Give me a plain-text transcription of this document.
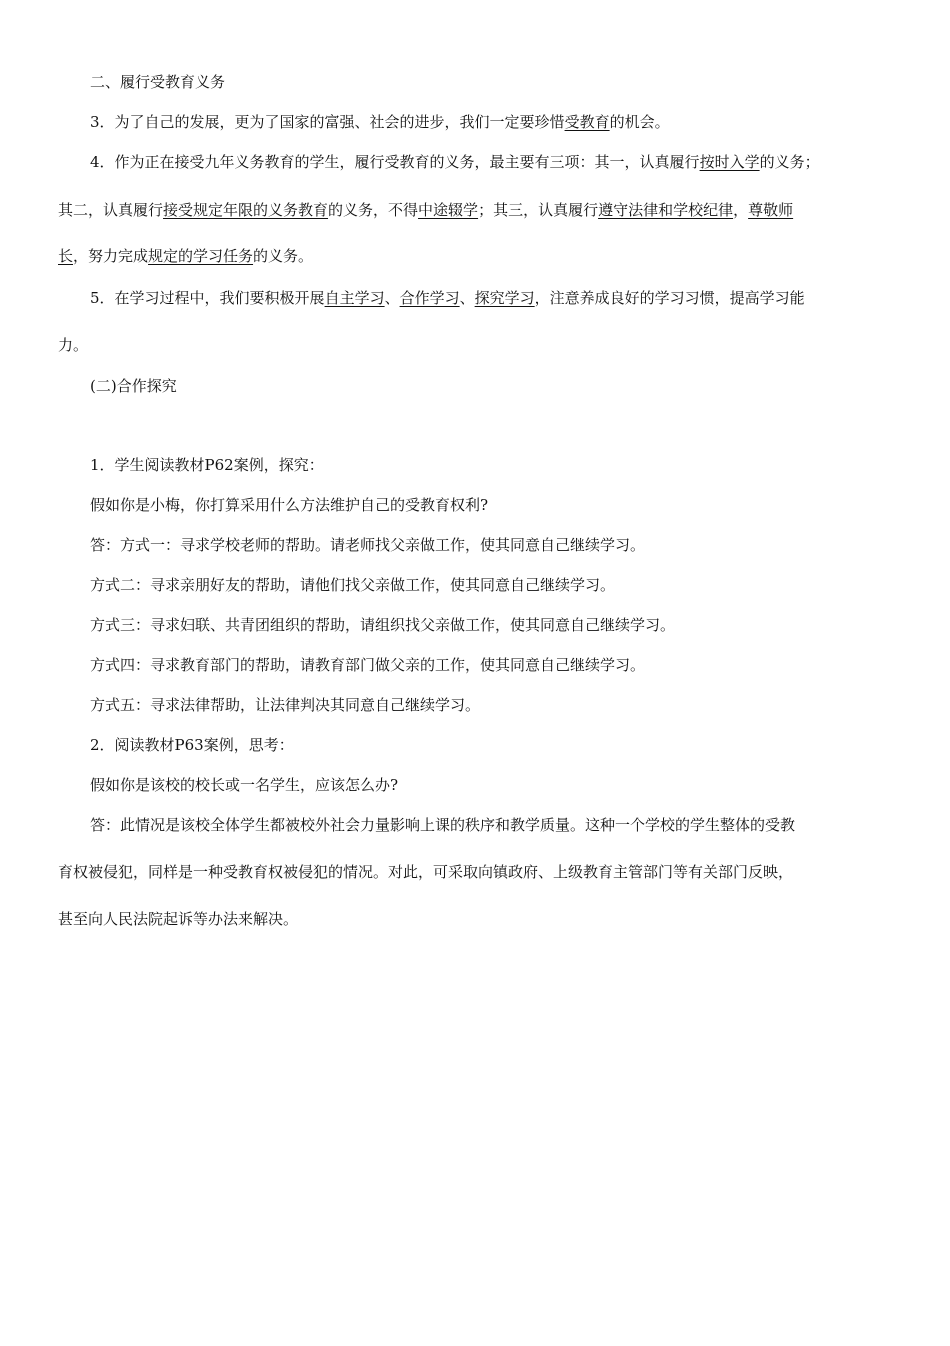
二、履行受教育义务
3．为了自己的发展，更为了国家的富强、社会的进步，我们一定要珍惜受教育的机会。
4．作为正在接受九年义务教育的学生，履行受教育的义务，最主要有三项：其一，认真履行按时入学的义务；
其二，认真履行接受规定年限的义务教育的义务，不得中途辍学；其三，认真履行遵守法律和学校纪律，尊敬师
长，努力完成规定的学习任务的义务。
5．在学习过程中，我们要积极开展自主学习、合作学习、探究学习，注意养成良好的学习习惯，提高学习能
力。
(二)合作探究
1．学生阅读教材P62案例，探究：
假如你是小梅，你打算采用什么方法维护自己的受教育权利?
答：方式一：寻求学校老师的帮助。请老师找父亲做工作，使其同意自己继续学习。
方式二：寻求亲朋好友的帮助，请他们找父亲做工作，使其同意自己继续学习。
方式三：寻求妇联、共青团组织的帮助，请组织找父亲做工作，使其同意自己继续学习。
方式四：寻求教育部门的帮助，请教育部门做父亲的工作，使其同意自己继续学习。
方式五：寻求法律帮助，让法律判决其同意自己继续学习。
2．阅读教材P63案例，思考：
假如你是该校的校长或一名学生，应该怎么办?
答：此情况是该校全体学生都被校外社会力量影响上课的秩序和教学质量。这种一个学校的学生整体的受教
育权被侵犯，同样是一种受教育权被侵犯的情况。对此，可采取向镇政府、上级教育主管部门等有关部门反映，
甚至向人民法院起诉等办法来解决。
